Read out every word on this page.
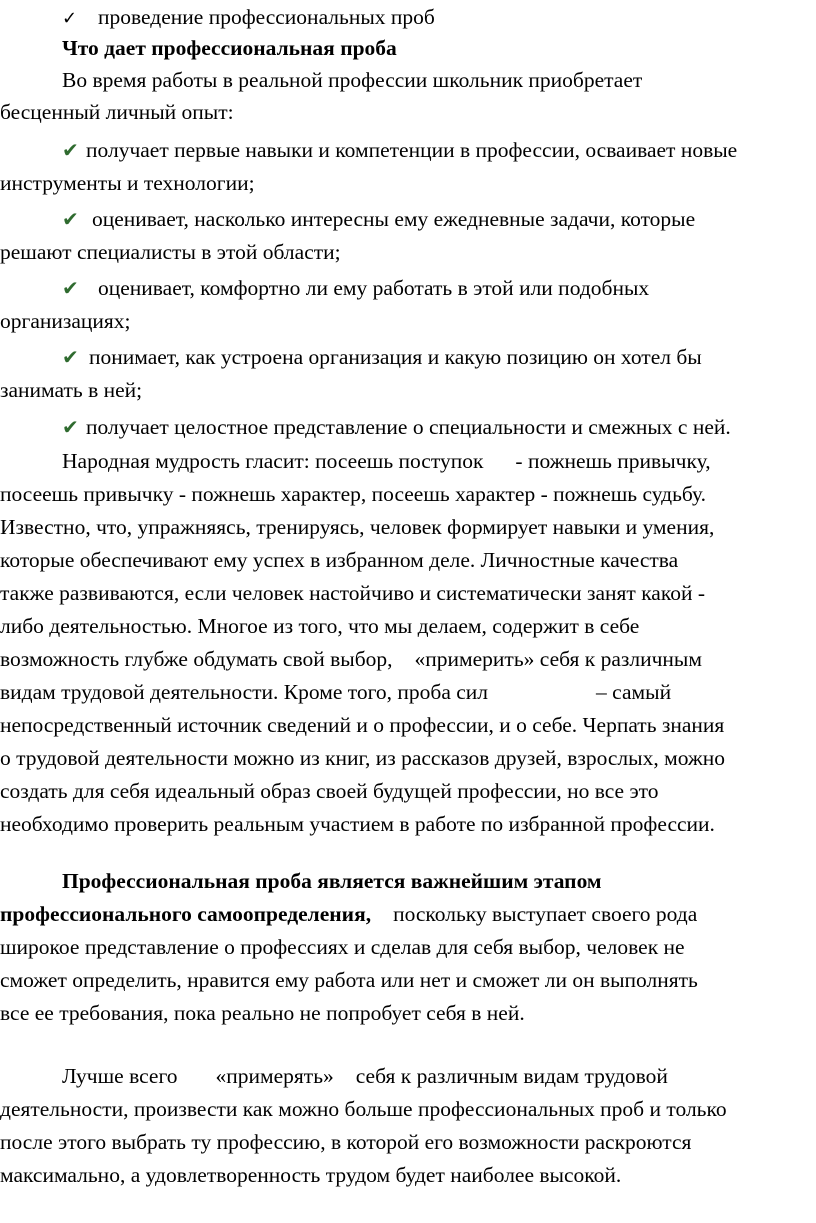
✓ проведение профессиональных проб
Что дает профессиональная проба
Во время работы в реальной профессии школьник приобретает
бесценный личный опыт:
✔ получает первые навыки и компетенции в профессии, осваивает новые
инструменты и технологии;
✔ оценивает, насколько интересны ему ежедневные задачи, которые
решают специалисты в этой области;
✔ оценивает, комфортно ли ему работать в этой или подобных
организациях;
✔ понимает, как устроена организация и какую позицию он хотел бы
занимать в ней;
✔ получает целостное представление о специальности и смежных с ней.
Народная мудрость гласит: посеешь поступок - пожнешь привычку,
посеешь привычку - пожнешь характер, посеешь характер - пожнешь судьбу.
Известно, что, упражняясь, тренируясь, человек формирует навыки и умения,
которые обеспечивают ему успех в избранном деле. Личностные качества
также развиваются, если человек настойчиво и систематически занят какой -
либо деятельностью. Многое из того, что мы делаем, содержит в себе
возможность глубже обдумать свой выбор, «примерить» себя к различным
видам трудовой деятельности. Кроме того, проба сил	– самый
непосредственный источник сведений и о профессии, и о себе. Черпать знания
о трудовой деятельности можно из книг, из рассказов друзей, взрослых, можно
создать для себя идеальный образ своей будущей профессии, но все это
необходимо проверить реальным участием в работе по избранной профессии.
Профессиональная проба является важнейшим этапом
профессионального самоопределения, поскольку выступает своего рода
широкое представление о профессиях и сделав для себя выбор, человек не
сможет определить, нравится ему работа или нет и сможет ли он выполнять
все ее требования, пока реально не попробует себя в ней.
Лучше всего «примерять» себя к различным видам трудовой
деятельности, произвести как можно больше профессиональных проб и только
после этого выбрать ту профессию, в которой его возможности раскроются
максимально, а удовлетворенность трудом будет наиболее высокой.
